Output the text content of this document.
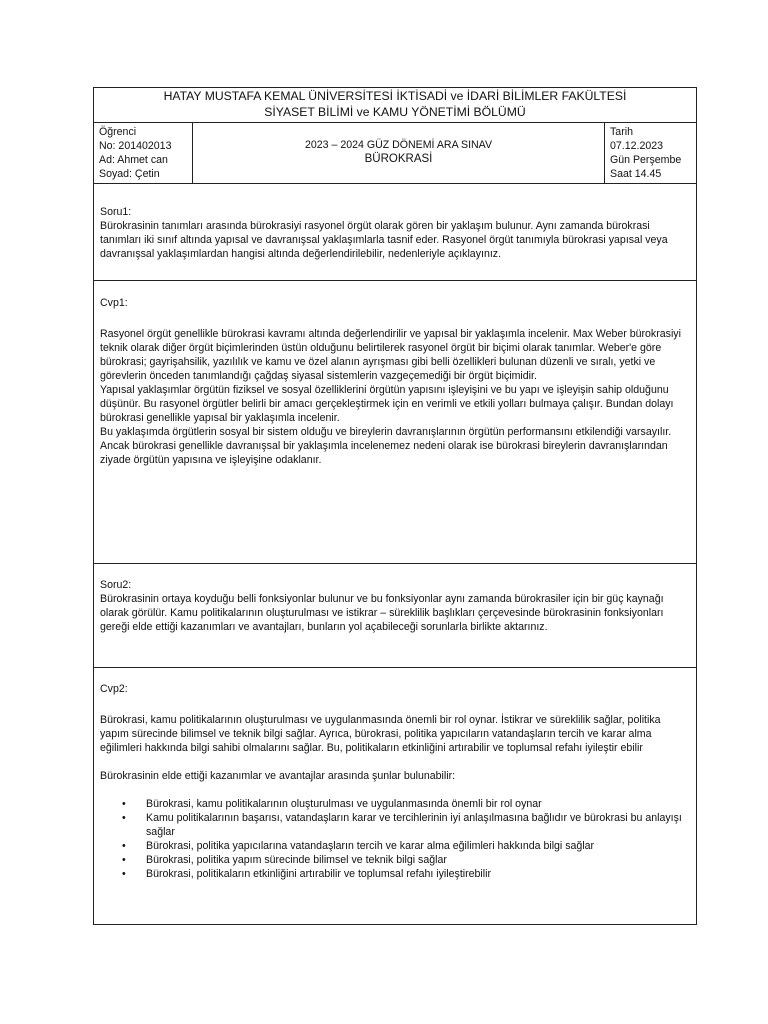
HATAY MUSTAFA KEMAL ÜNİVERSİTESİ İKTİSADİ ve İDARİ BİLİMLER FAKÜLTESİ
SİYASET BİLİMİ ve KAMU YÖNETİMİ BÖLÜMÜ
Öğrenci
No: 201402013
Ad: Ahmet can
Soyad: Çetin
2023 – 2024 GÜZ DÖNEMİ ARA SINAV
BÜROKRASİ
Tarih
07.12.2023
Gün Perşembe
Saat 14.45

Soru1:

Bürokrasinin tanımları arasında bürokrasiyi rasyonel örgüt olarak gören bir yaklaşım bulunur. Aynı zamanda bürokrasi tanımları iki sınıf altında yapısal ve davranışsal yaklaşımlarla tasnif eder. Rasyonel örgüt tanımıyla bürokrasi yapısal veya davranışsal yaklaşımlardan hangisi altında değerlendirilebilir, nedenleriyle açıklayınız.

Cvp1:

Rasyonel örgüt genellikle bürokrasi kavramı altında değerlendirilir ve yapısal bir yaklaşımla incelenir. Max Weber bürokrasiyi teknik olarak diğer örgüt biçimlerinden üstün olduğunu belirtilerek rasyonel örgüt bir biçimi olarak tanımlar. Weber'e göre bürokrasi; gayrişahsilik, yazılılık ve kamu ve özel alanın ayrışması gibi belli özellikleri bulunan düzenli ve sıralı, yetki ve görevlerin önceden tanımlandığı çağdaş siyasal sistemlerin vazgeçemediği bir örgüt biçimidir.

Yapısal yaklaşımlar örgütün fiziksel ve sosyal özelliklerini örgütün yapısını işleyişini ve bu yapı ve işleyişin sahip olduğunu düşünür. Bu rasyonel örgütler belirli bir amacı gerçekleştirmek için en verimli ve etkili yolları bulmaya çalışır. Bundan dolayı bürokrasi genellikle yapısal bir yaklaşımla incelenir.

Bu yaklaşımda örgütlerin sosyal bir sistem olduğu ve bireylerin davranışlarının örgütün performansını etkilendiği varsayılır. Ancak bürokrasi genellikle davranışsal bir yaklaşımla incelenemez nedeni olarak ise bürokrasi bireylerin davranışlarından ziyade örgütün yapısına ve işleyişine odaklanır.

Soru2:

Bürokrasinin ortaya koyduğu belli fonksiyonlar bulunur ve bu fonksiyonlar aynı zamanda bürokrasiler için bir güç kaynağı olarak görülür. Kamu politikalarının oluşturulması ve istikrar – süreklilik başlıkları çerçevesinde bürokrasinin fonksiyonları gereği elde ettiği kazanımları ve avantajları, bunların yol açabileceği sorunlarla birlikte aktarınız.

Cvp2:

Bürokrasi, kamu politikalarının oluşturulması ve uygulanmasında önemli bir rol oynar. İstikrar ve süreklilik sağlar, politika yapım sürecinde bilimsel ve teknik bilgi sağlar. Ayrıca, bürokrasi, politika yapıcıların vatandaşların tercih ve karar alma eğilimleri hakkında bilgi sahibi olmalarını sağlar. Bu, politikaların etkinliğini artırabilir ve toplumsal refahı iyileştir ebilir

Bürokrasinin elde ettiği kazanımlar ve avantajlar arasında şunlar bulunabilir:

• Bürokrasi, kamu politikalarının oluşturulması ve uygulanmasında önemli bir rol oynar
• Kamu politikalarının başarısı, vatandaşların karar ve tercihlerinin iyi anlaşılmasına bağlıdır ve bürokrasi bu anlayışı sağlar
• Bürokrasi, politika yapıcılarına vatandaşların tercih ve karar alma eğilimleri hakkında bilgi sağlar
• Bürokrasi, politika yapım sürecinde bilimsel ve teknik bilgi sağlar
• Bürokrasi, politikaların etkinliğini artırabilir ve toplumsal refahı iyileştirebilir
